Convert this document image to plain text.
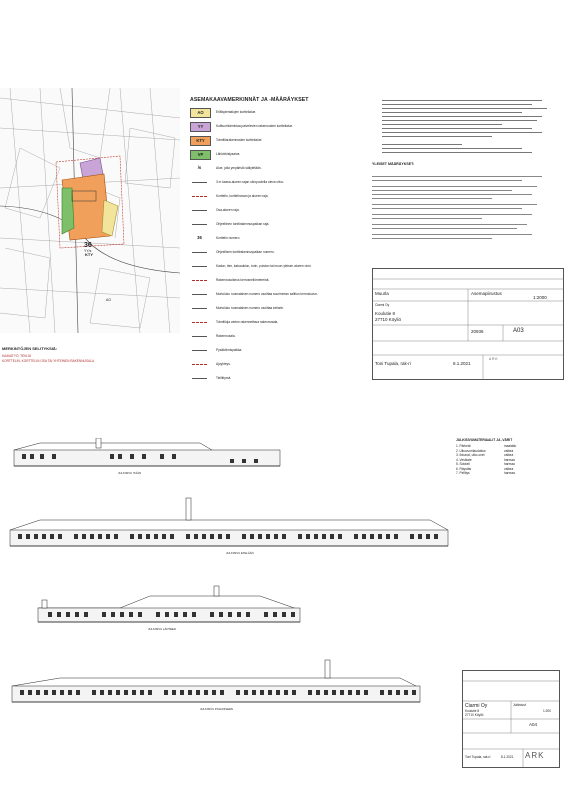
36
KTY
YY/s
AO
MERKINTÖJEN SELITYKSIÄ:
KAAVATYÖ, TEKIJÄ
KORTTELIN, KORTTELIN OSA TAI YHTEINEN RAKENNUSALA
ASEMAKAAVAMERKINNÄT JA -MÄÄRÄYKSET
AO	Erillispientalojen korttelialue.
YY	Kulttuuritoimintaa palvelevien rakennusten korttelialue.
KTY	Toimitilarakennusten korttelialue.
VP	Lähivirkistysalue.
/s	Alue, jolla ympäristö säilytetään.
3 m kaava-alueen rajan ulkopuolella oleva viiva.
Korttelin, korttelinosan ja alueen raja.
Osa-alueen raja.
Ohjeellinen tonttirakennuspaikan raja.
36	Korttelin numero.
Ohjeellisen tonttirakennuspaikan numero.
Kadun, tien, katuaukion, torin, puiston tai muun yleisen alueen nimi.
Rakennusoikeus kerrosneliömetreinä.
Murtoluku roomalainen numero osoittaa suurimman sallitun kerrosluvun.
Murtoluku roomalainen numero osoittaa kellarin.
Toimitiloja varten rakennettava rakennusala.
Rakennusala.
Pysäköimispaikka.
Ajoyhteys.
Tieliittymä.
YLEISET MÄÄRÄYKSET:
Muurla	Asemapiirustus
1:2000
Ciarmi Oy
Koulutie 8
27710 Köyliö
20936	A03
Toni Tupala, rak-ri	8.1.2021
ARK
JULKISIVU ITÄÄN
JULKISIVU ETELÄÄN
JULKISIVU LÄNTEEN
JULKISIVU POHJOISEEN
JULKISIVUMATERIAALIT JA -VÄRIT
1. Pärkeät	maalattu
2. Ulkovuorilaudoitus	valkea
3. Ikkunat, ulko-ovet	valkea
4. Vesikate	harmaa
5. Sokkeli	harmaa
6. Räystäs	valkea
7. Pellitys	harmaa
Ciarmi Oy
Koulutie 8
27710 Köyliö
Julkisivut
1:200
A04
Toni Tupala, rak-ri	8.1.2021 ARK
